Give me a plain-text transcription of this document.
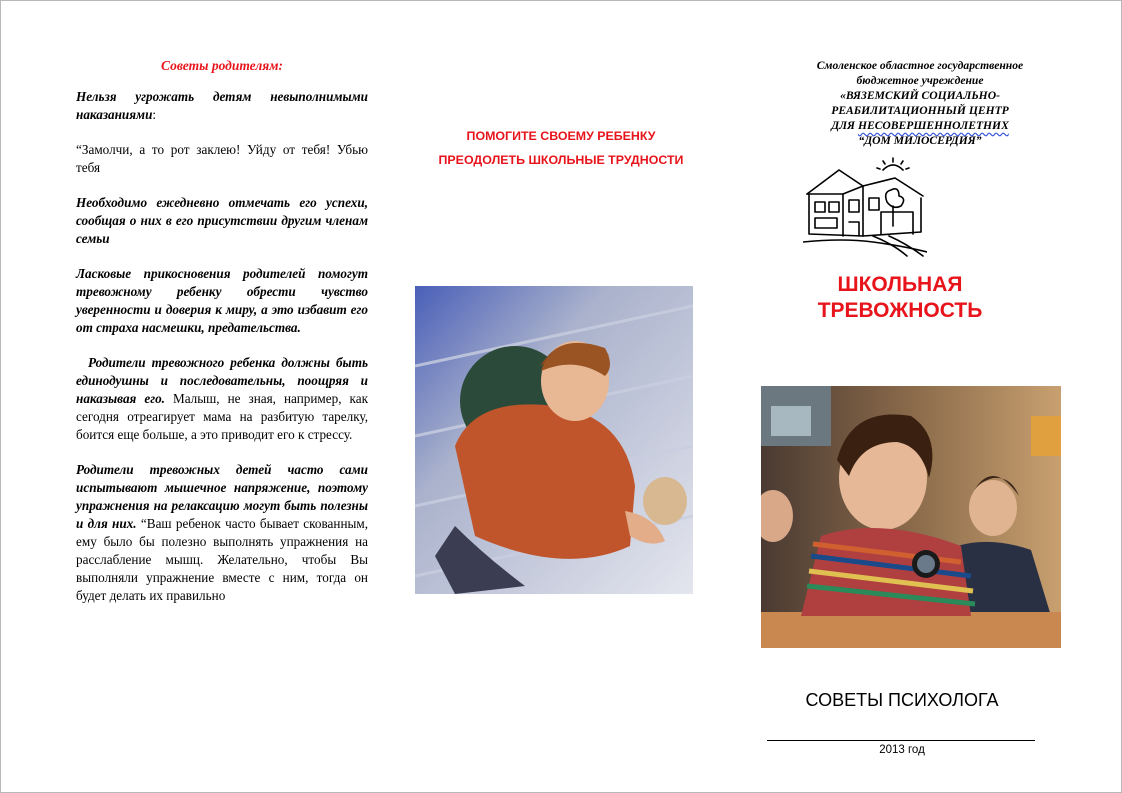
Советы родителям:

Нельзя угрожать детям невыполнимыми наказаниями:

“Замолчи, а то рот заклею! Уйду от тебя! Убью тебя

Необходимо ежедневно отмечать его успехи, сообщая о них в его присутствии другим членам семьи

Ласковые прикосновения родителей помогут тревожному ребенку обрести чувство уверенности и доверия к миру, а это избавит его от страха насмешки, предательства.

Родители тревожного ребенка должны быть единодушны и последовательны, поощряя и наказывая его. Малыш, не зная, например, как сегодня отреагирует мама на разбитую тарелку, боится еще больше, а это приводит его к стрессу.

Родители тревожных детей часто сами испытывают мышечное напряжение, поэтому упражнения на релаксацию могут быть полезны и для них. “Ваш ребенок часто бывает скованным, ему было бы полезно выполнять упражнения на расслабление мышц. Желательно, чтобы Вы выполняли упражнение вместе с ним, тогда он будет делать их правильно

ПОМОГИТЕ СВОЕМУ РЕБЕНКУ
ПРЕОДОЛЕТЬ ШКОЛЬНЫЕ ТРУДНОСТИ
Смоленское областное государственное
бюджетное учреждение
«ВЯЗЕМСКИЙ СОЦИАЛЬНО-
РЕАБИЛИТАЦИОННЫЙ ЦЕНТР
ДЛЯ НЕСОВЕРШЕННОЛЕТНИХ
“ДОМ МИЛОСЕРДИЯ”
ШКОЛЬНАЯ
ТРЕВОЖНОСТЬ
СОВЕТЫ ПСИХОЛОГА
2013 год
